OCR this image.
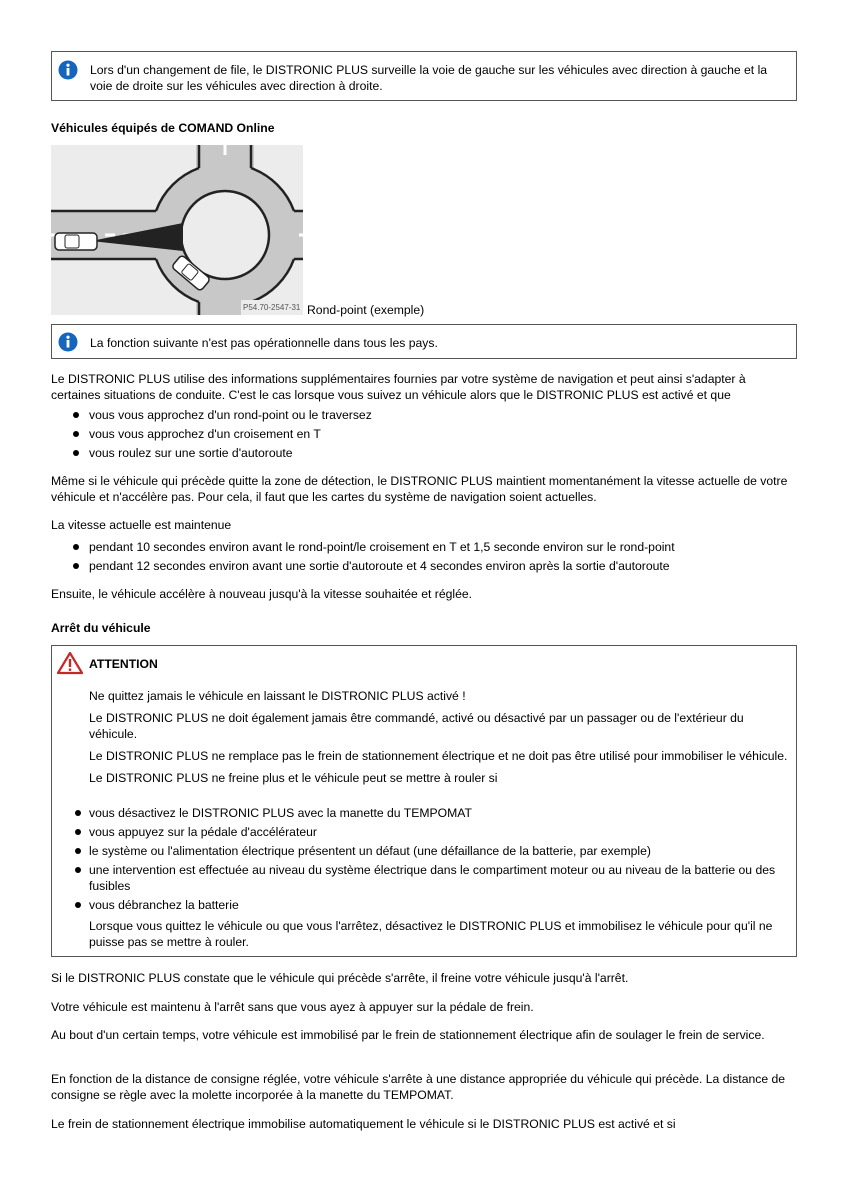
Lors d'un changement de file, le DISTRONIC PLUS surveille la voie de gauche sur les véhicules avec direction à gauche et la voie de droite sur les véhicules avec direction à droite.

Véhicules équipés de COMAND Online

P54.70-2547-31 Rond-point (exemple)

La fonction suivante n'est pas opérationnelle dans tous les pays.

Le DISTRONIC PLUS utilise des informations supplémentaires fournies par votre système de navigation et peut ainsi s'adapter à certaines situations de conduite. C'est le cas lorsque vous suivez un véhicule alors que le DISTRONIC PLUS est activé et que

vous vous approchez d'un rond-point ou le traversez
vous vous approchez d'un croisement en T
vous roulez sur une sortie d'autoroute

Même si le véhicule qui précède quitte la zone de détection, le DISTRONIC PLUS maintient momentanément la vitesse actuelle de votre véhicule et n'accélère pas. Pour cela, il faut que les cartes du système de navigation soient actuelles.

La vitesse actuelle est maintenue

pendant 10 secondes environ avant le rond-point/le croisement en T et 1,5 seconde environ sur le rond-point
pendant 12 secondes environ avant une sortie d'autoroute et 4 secondes environ après la sortie d'autoroute

Ensuite, le véhicule accélère à nouveau jusqu'à la vitesse souhaitée et réglée.

Arrêt du véhicule

ATTENTION

Ne quittez jamais le véhicule en laissant le DISTRONIC PLUS activé !

Le DISTRONIC PLUS ne doit également jamais être commandé, activé ou désactivé par un passager ou de l'extérieur du véhicule.

Le DISTRONIC PLUS ne remplace pas le frein de stationnement électrique et ne doit pas être utilisé pour immobiliser le véhicule.

Le DISTRONIC PLUS ne freine plus et le véhicule peut se mettre à rouler si

vous désactivez le DISTRONIC PLUS avec la manette du TEMPOMAT
vous appuyez sur la pédale d'accélérateur
le système ou l'alimentation électrique présentent un défaut (une défaillance de la batterie, par exemple)
une intervention est effectuée au niveau du système électrique dans le compartiment moteur ou au niveau de la batterie ou des fusibles
vous débranchez la batterie

Lorsque vous quittez le véhicule ou que vous l'arrêtez, désactivez le DISTRONIC PLUS et immobilisez le véhicule pour qu'il ne puisse pas se mettre à rouler.

Si le DISTRONIC PLUS constate que le véhicule qui précède s'arrête, il freine votre véhicule jusqu'à l'arrêt.

Votre véhicule est maintenu à l'arrêt sans que vous ayez à appuyer sur la pédale de frein.

Au bout d'un certain temps, votre véhicule est immobilisé par le frein de stationnement électrique afin de soulager le frein de service.

En fonction de la distance de consigne réglée, votre véhicule s'arrête à une distance appropriée du véhicule qui précède. La distance de consigne se règle avec la molette incorporée à la manette du TEMPOMAT.

Le frein de stationnement électrique immobilise automatiquement le véhicule si le DISTRONIC PLUS est activé et si
